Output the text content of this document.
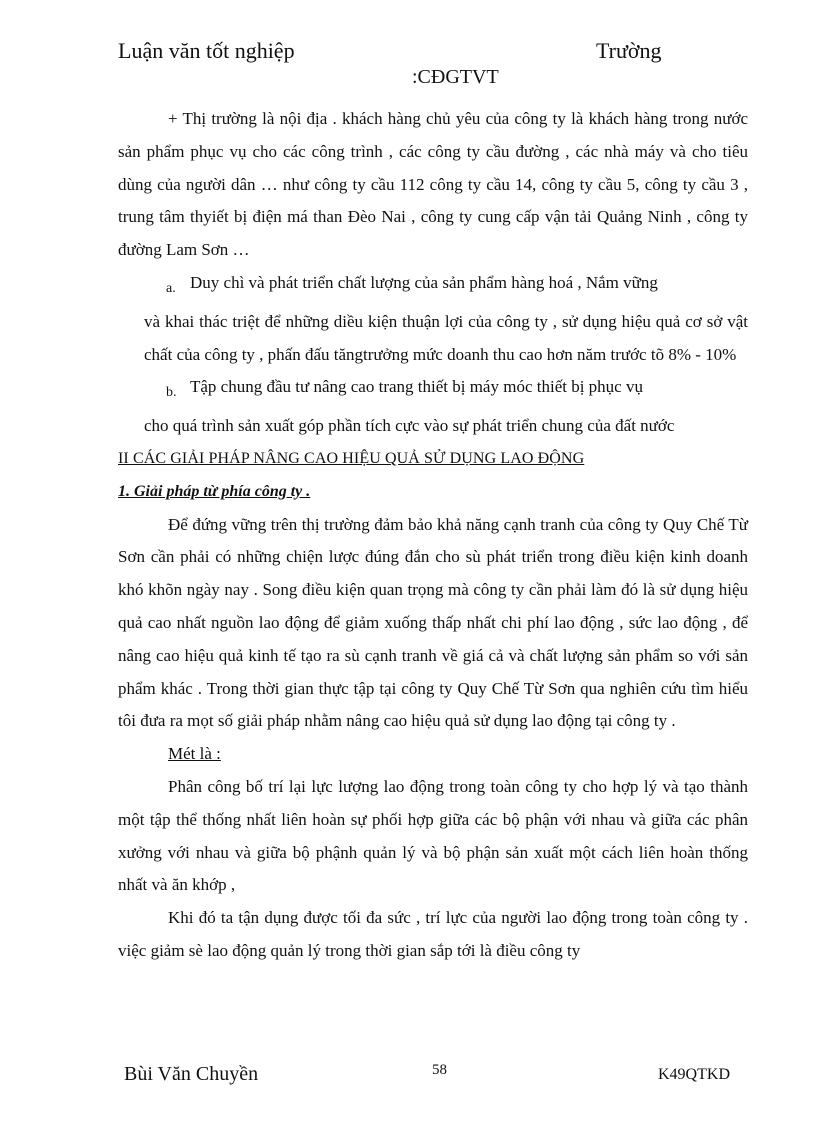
Luận văn tốt nghiệp	Trường
:CĐGTVT

+ Thị trường là nội địa . khách hàng chủ yêu của công ty là khách hàng trong nước sản phẩm phục vụ cho các công trình , các công ty cầu đường , các nhà máy và cho tiêu dùng của người dân … như công ty cầu 112 công ty cầu 14, công ty cầu 5, công ty cầu 3 , trung tâm thyiết bị điện má than Đèo Nai , công ty cung cấp vận tải Quảng Ninh , công ty đường Lam Sơn …

a. Duy chì và phát triển chất lượng của sản phẩm hàng hoá , Nắm vững

và khai thác triệt để những diều kiện thuận lợi của công ty , sử dụng hiệu quả cơ sở vật chất của công ty , phấn đấu tăngtrưởng mức doanh thu cao hơn năm trước tõ 8% - 10%

b. Tập chung đầu tư nâng cao trang thiết bị máy móc thiết bị phục vụ

cho quá trình sản xuất góp phần tích cực vào sự phát triển chung của đất nước

II CÁC GIẢI PHÁP NÂNG CAO HIỆU QUẢ SỬ DỤNG LAO ĐỘNG

1. Giải pháp từ phía công ty .

Để đứng vững trên thị trường đảm bảo khả năng cạnh tranh của công ty Quy Chế Từ Sơn cần phải có những chiện lược đúng đắn cho sù phát triển trong điều kiện kinh doanh khó khõn ngày nay . Song điều kiện quan trọng mà công ty cần phải làm đó là sử dụng hiệu quả cao nhất nguồn lao động để giảm xuống thấp nhất chi phí lao động , sức lao động , để nâng cao hiệu quả kinh tế tạo ra sù cạnh tranh về giá cả và chất lượng sản phẩm so với sản phẩm khác . Trong thời gian thực tập tại công ty Quy Chế Từ Sơn qua nghiên cứu tìm hiểu tôi đưa ra mọt số giải pháp nhằm nâng cao hiệu quả sử dụng lao động tại công ty .

Mét là :

Phân công bố trí lại lực lượng lao động trong toàn công ty cho hợp lý và tạo thành một tập thể thống nhất liên hoàn sự phối hợp giữa các bộ phận với nhau và giữa các phân xưởng với nhau và giữa bộ phậnh quản lý và bộ phận sản xuất một cách liên hoàn thống nhất và ăn khớp ,

Khi đó ta tận dụng được tối đa sức , trí lực của người lao động trong toàn công ty . việc giảm sè lao động quản lý trong thời gian sắp tới là điều công ty

Bùi Văn Chuyền	58	K49QTKD
